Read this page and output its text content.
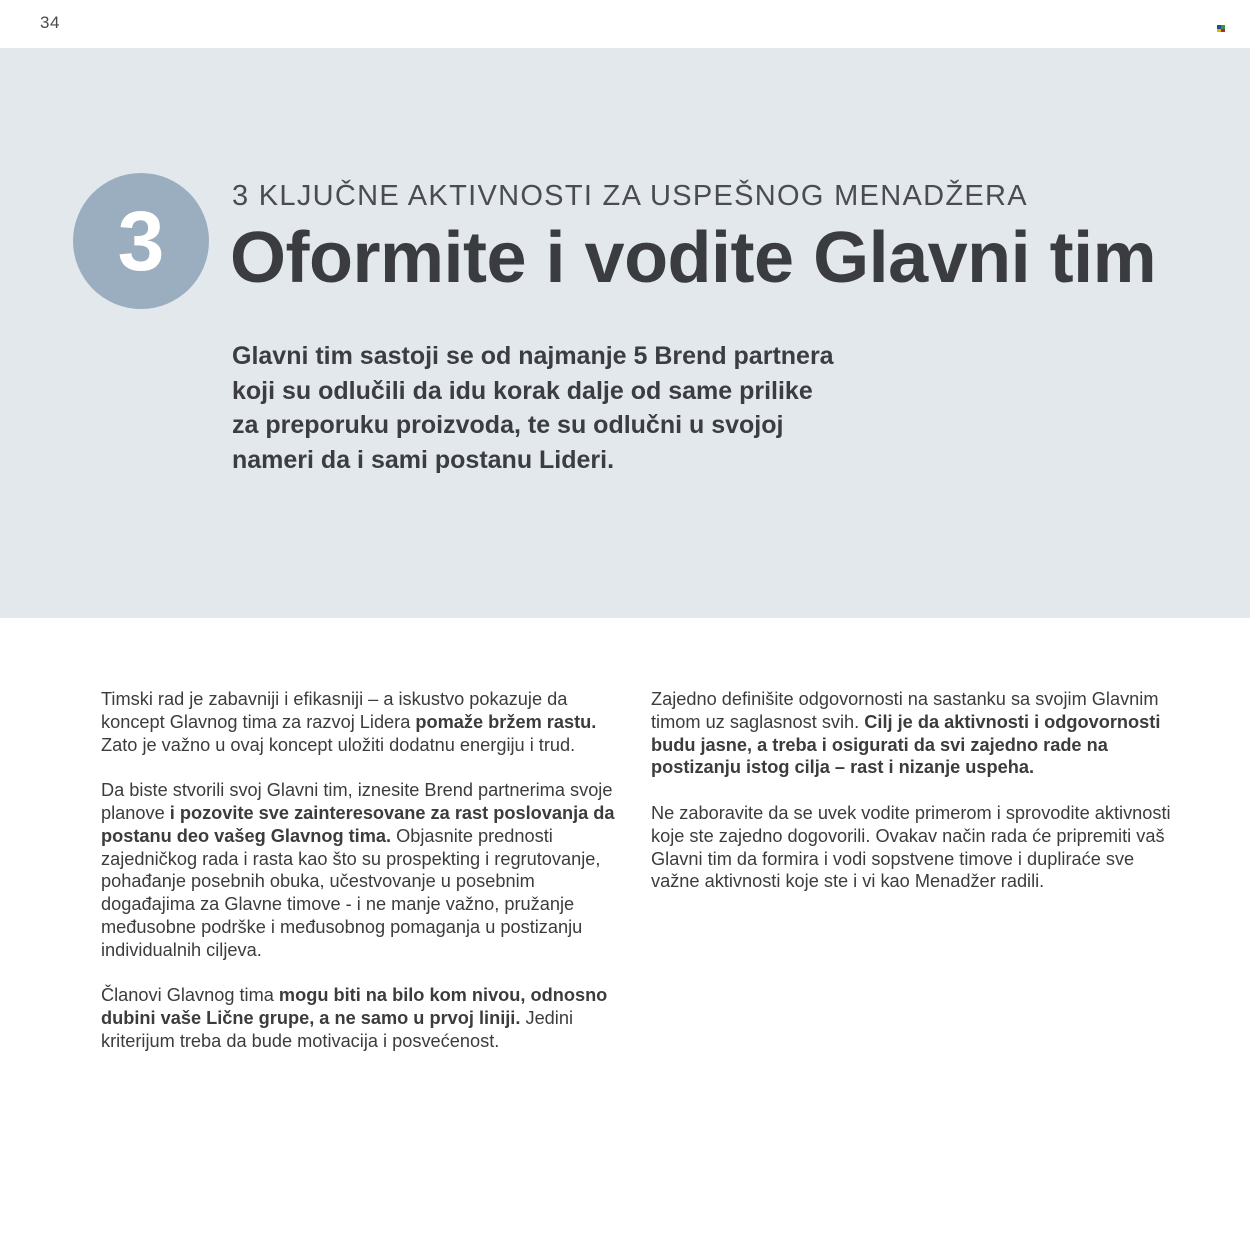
34
3	3 KLJUČNE AKTIVNOSTI ZA USPEŠNOG MENADŽERA
Oformite i vodite Glavni tim
Glavni tim sastoji se od najmanje 5 Brend partnera
koji su odlučili da idu korak dalje od same prilike
za preporuku proizvoda, te su odlučni u svojoj
nameri da i sami postanu Lideri.

Timski rad je zabavniji i efikasniji – a iskustvo pokazuje da koncept Glavnog tima za razvoj Lidera pomaže bržem rastu. Zato je važno u ovaj koncept uložiti dodatnu energiju i trud.

Da biste stvorili svoj Glavni tim, iznesite Brend partnerima svoje planove i pozovite sve zainteresovane za rast poslovanja da postanu deo vašeg Glavnog tima. Objasnite prednosti zajedničkog rada i rasta kao što su prospekting i regrutovanje, pohađanje posebnih obuka, učestvovanje u posebnim događajima za Glavne timove - i ne manje važno, pružanje međusobne podrške i međusobnog pomaganja u postizanju individualnih ciljeva.

Članovi Glavnog tima mogu biti na bilo kom nivou, odnosno dubini vaše Lične grupe, a ne samo u prvoj liniji. Jedini kriterijum treba da bude motivacija i posvećenost.

Zajedno definišite odgovornosti na sastanku sa svojim Glavnim timom uz saglasnost svih. Cilj je da aktivnosti i odgovornosti budu jasne, a treba i osigurati da svi zajedno rade na postizanju istog cilja – rast i nizanje uspeha.

Ne zaboravite da se uvek vodite primerom i sprovodite aktivnosti koje ste zajedno dogovorili. Ovakav način rada će pripremiti vaš Glavni tim da formira i vodi sopstvene timove i dupliraće sve važne aktivnosti koje ste i vi kao Menadžer radili.
